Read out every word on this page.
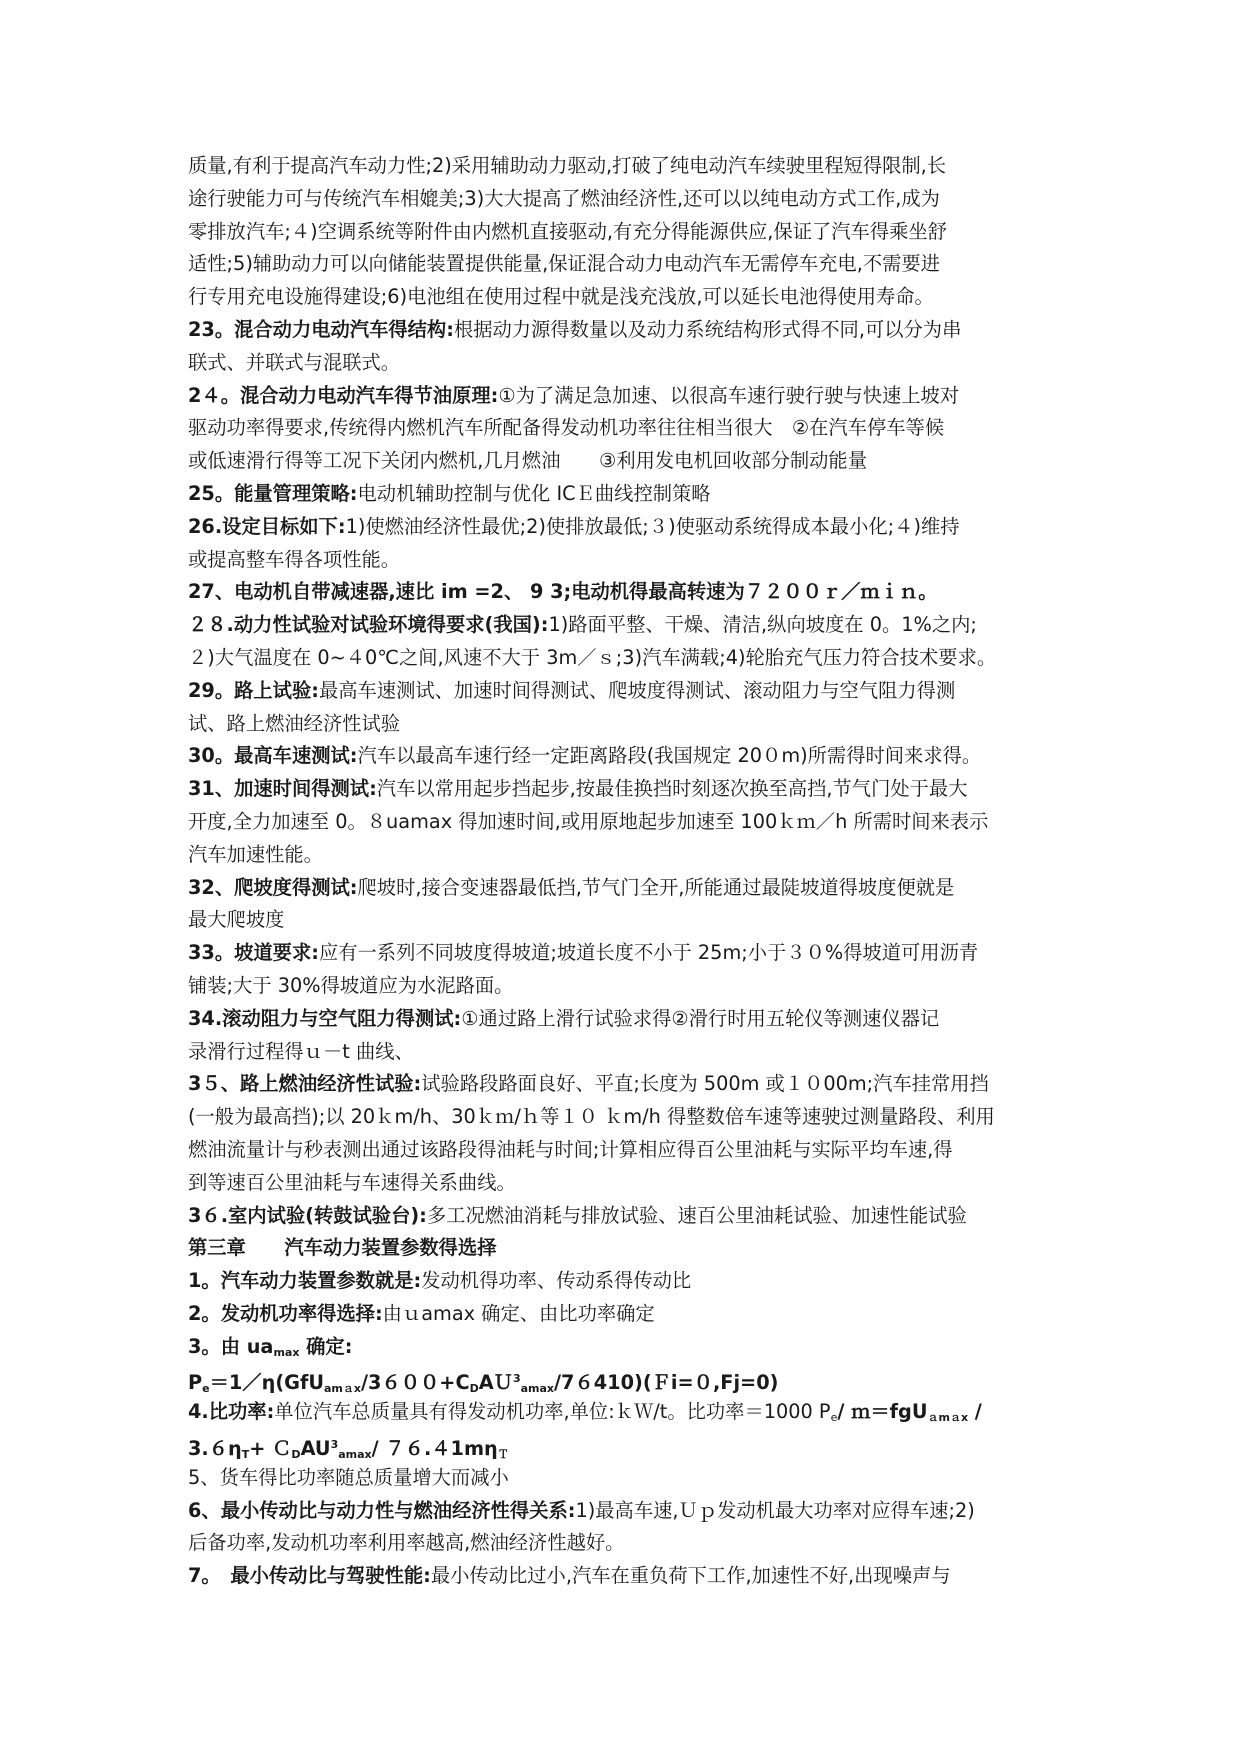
质量,有利于提高汽车动力性;2)采用辅助动力驱动,打破了纯电动汽车续驶里程短得限制,长
途行驶能力可与传统汽车相媲美;3)大大提高了燃油经济性,还可以以纯电动方式工作,成为
零排放汽车;４)空调系统等附件由内燃机直接驱动,有充分得能源供应,保证了汽车得乘坐舒
适性;5)辅助动力可以向储能装置提供能量,保证混合动力电动汽车无需停车充电,不需要进
行专用充电设施得建设;6)电池组在使用过程中就是浅充浅放,可以延长电池得使用寿命。
23。混合动力电动汽车得结构:根据动力源得数量以及动力系统结构形式得不同,可以分为串
联式、并联式与混联式。
2４。混合动力电动汽车得节油原理:①为了满足急加速、以很高车速行驶行驶与快速上坡对
驱动功率得要求,传统得内燃机汽车所配备得发动机功率往往相当很大　②在汽车停车等候
或低速滑行得等工况下关闭内燃机,几月燃油　　③利用发电机回收部分制动能量
25。能量管理策略:电动机辅助控制与优化 ICＥ曲线控制策略
26.设定目标如下:1)使燃油经济性最优;2)使排放最低;３)使驱动系统得成本最小化;４)维持
或提高整车得各项性能。
27、电动机自带减速器,速比 im =2、 9 3;电动机得最高转速为７２００ｒ／ｍｉｎ。
２８.动力性试验对试验环境得要求(我国):1)路面平整、干燥、清洁,纵向坡度在 0。1%之内;
２)大气温度在 0~４0℃之间,风速不大于 3m／ｓ;3)汽车满载;4)轮胎充气压力符合技术要求。
29。路上试验:最高车速测试、加速时间得测试、爬坡度得测试、滚动阻力与空气阻力得测
试、路上燃油经济性试验
30。最高车速测试:汽车以最高车速行经一定距离路段(我国规定 20０m)所需得时间来求得。
31、加速时间得测试:汽车以常用起步挡起步,按最佳换挡时刻逐次换至高挡,节气门处于最大
开度,全力加速至 0。８uamax 得加速时间,或用原地起步加速至 100ｋｍ／h 所需时间来表示
汽车加速性能。
32、爬坡度得测试:爬坡时,接合变速器最低挡,节气门全开,所能通过最陡坡道得坡度便就是
最大爬坡度
33。坡道要求:应有一系列不同坡度得坡道;坡道长度不小于 25m;小于３０%得坡道可用沥青
铺装;大于 30%得坡道应为水泥路面。
34.滚动阻力与空气阻力得测试:①通过路上滑行试验求得②滑行时用五轮仪等测速仪器记
录滑行过程得ｕ－t 曲线、
3５、路上燃油经济性试验:试验路段路面良好、平直;长度为 500m 或１０00m;汽车挂常用挡
(一般为最高挡);以 20ｋm/h、30ｋｍ/ｈ等１０ ｋm/h 得整数倍车速等速驶过测量路段、利用
燃油流量计与秒表测出通过该路段得油耗与时间;计算相应得百公里油耗与实际平均车速,得
到等速百公里油耗与车速得关系曲线。
3６.室内试验(转鼓试验台):多工况燃油消耗与排放试验、速百公里油耗试验、加速性能试验
第三章　　汽车动力装置参数得选择
1。汽车动力装置参数就是:发动机得功率、传动系得传动比
2。发动机功率得选择:由ｕamax 确定、由比功率确定
3。由 $ua_{max}$ 确定:
$P_e=1/\eta(GfU_{amax}/3600+C_DAU^3_{amax}/76410)(Fi=0,Fj=0)$
4.比功率:单位汽车总质量具有得发动机功率,单位:ｋＷ/t。比功率＝1000 $P_e/$ ｍ＝fgU$_{amax}$ /
$3.6\eta_T+$ $C_DAU^3_{amax}/$ $76.41m\eta_T$
5、货车得比功率随总质量增大而减小
6、最小传动比与动力性与燃油经济性得关系:1)最高车速,Ｕｐ发动机最大功率对应得车速;2)
后备功率,发动机功率利用率越高,燃油经济性越好。
7。　最小传动比与驾驶性能:最小传动比过小,汽车在重负荷下工作,加速性不好,出现噪声与
